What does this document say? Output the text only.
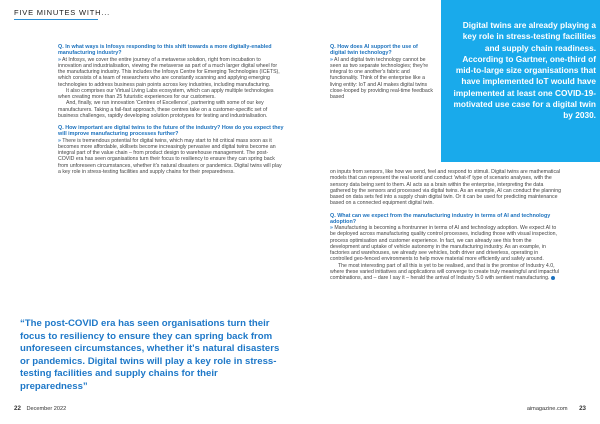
FIVE MINUTES WITH...

Q. In what ways is Infosys responding to this shift towards a more digitally-enabled manufacturing industry?

» At Infosys, we cover the entire journey of a metaverse solution, right from incubation to innovation and industrialisation, viewing the metaverse as part of a much larger digital wheel for the manufacturing industry. This includes the Infosys Centre for Emerging Technologies (ICETS), which consists of a team of researchers who are constantly scanning and applying emerging technologies to address business pain points across key industries, including manufacturing.

It also comprises our Virtual Living Labs ecosystem, which can apply multiple technologies when creating more than 25 futuristic experiences for our customers.

And, finally, we run innovation 'Centres of Excellence', partnering with some of our key manufacturers. Taking a fail-fast approach, these centres take on a customer-specific set of business challenges, rapidly developing solution prototypes for testing and industrialisation.

Q. How important are digital twins to the future of the industry? How do you expect they will improve manufacturing processes further?

» There is tremendous potential for digital twins, which may start to hit critical mass soon as it becomes more affordable, skillsets become increasingly pervasive and digital twins become an integral part of the value chain – from product design to warehouse management. The post-COVID era has seen organisations turn their focus to resiliency to ensure they can spring back from unforeseen circumstances, whether it's natural disasters or pandemics. Digital twins will play a key role in stress-testing facilities and supply chains for their preparedness.

“The post-COVID era has seen organisations turn their focus to resiliency to ensure they can spring back from unforeseen circumstances, whether it's natural disasters or pandemics. Digital twins will play a key role in stress-testing facilities and supply chains for their preparedness”

Q. How does AI support the use of digital twin technology?

» AI and digital twin technology cannot be seen as two separate technologies; they're integral to one another's fabric and functionality. Think of the enterprise like a living entity: IoT and AI makes digital twins close-looped by providing real-time feedback based

on inputs from sensors, like how we send, feel and respond to stimuli. Digital twins are mathematical models that can represent the real world and conduct 'what-if' type of scenario analyses, with the sensory data being sent to them. AI acts as a brain within the enterprise, interpreting the data gathered by the sensors and processed via digital twins. As an example, AI can conduct the planning based on data sets fed into a supply chain digital twin. Or it can be used for predicting maintenance based on a connected equipment digital twin.

Q. What can we expect from the manufacturing industry in terms of AI and technology adoption?

» Manufacturing is becoming a frontrunner in terms of AI and technology adoption. We expect AI to be deployed across manufacturing quality control processes, including those with visual inspection, process optimisation and customer experience. In fact, we can already see this from the development and uptake of vehicle autonomy in the manufacturing industry. As an example, in factories and warehouses, we already see vehicles, both driver and driverless, operating in controlled geo-fenced environments to help move material more efficiently and safely around.

The most interesting part of all this is yet to be realised, and that is the promise of Industry 4.0, where these varied initiatives and applications will converge to create truly meaningful and impactful combinations, and – dare I say it – herald the arrival of Industry 5.0 with sentient manufacturing.

Digital twins are already playing a key role in stress-testing facilities and supply chain readiness. According to Gartner, one-third of mid-to-large size organisations that have implemented IoT would have implemented at least one COVID-19-motivated use case for a digital twin by 2030.
22 December 2022	aimagazine.com 23
